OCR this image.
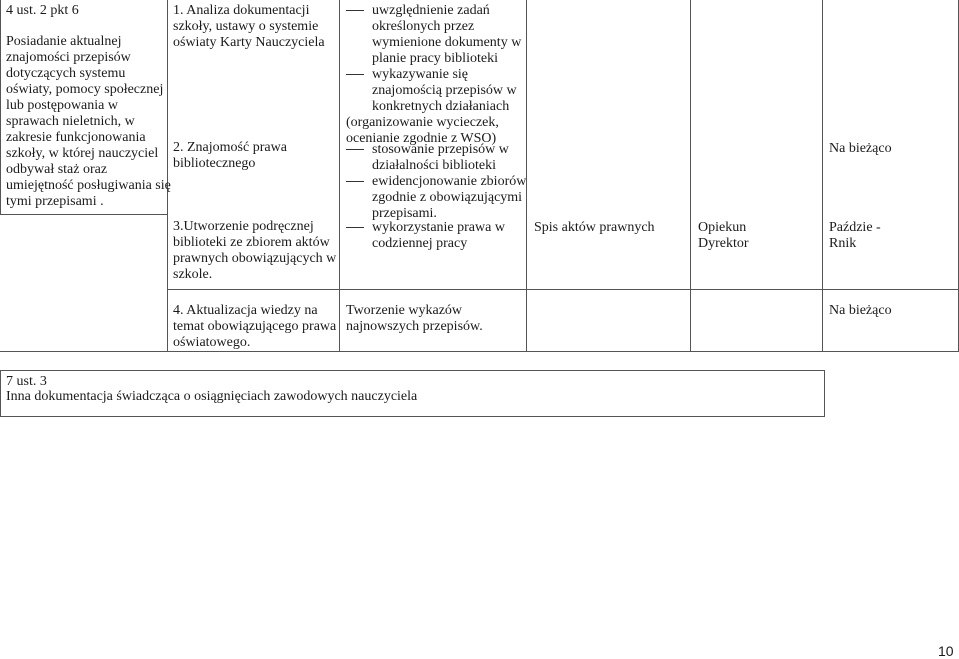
4 ust. 2 pkt 6
Posiadanie aktualnej
znajomości przepisów
dotyczących systemu
oświaty, pomocy społecznej
lub postępowania w
sprawach nieletnich, w
zakresie funkcjonowania
szkoły, w której nauczyciel
odbywał staż oraz
umiejętność posługiwania się
tymi przepisami .
1. Analiza dokumentacji
szkoły, ustawy o systemie
oświaty Karty Nauczyciela
2. Znajomość prawa
bibliotecznego
3.Utworzenie podręcznej
biblioteki ze zbiorem aktów
prawnych obowiązujących w
szkole.
4. Aktualizacja wiedzy na
temat obowiązującego prawa
oświatowego.
uwzględnienie zadań
określonych przez
wymienione dokumenty w
planie pracy biblioteki
wykazywanie się
znajomością przepisów w
konkretnych działaniach
(organizowanie wycieczek,
ocenianie zgodnie z WSO)
stosowanie przepisów w
działalności biblioteki
ewidencjonowanie zbiorów
zgodnie z obowiązującymi
przepisami.
wykorzystanie prawa w
codziennej pracy
Tworzenie wykazów
najnowszych przepisów.
Spis aktów prawnych	Opiekun
Dyrektor
Na bieżąco
Paździe -
Rnik
Na bieżąco
7 ust. 3
Inna dokumentacja świadcząca o osiągnięciach zawodowych nauczyciela
10
